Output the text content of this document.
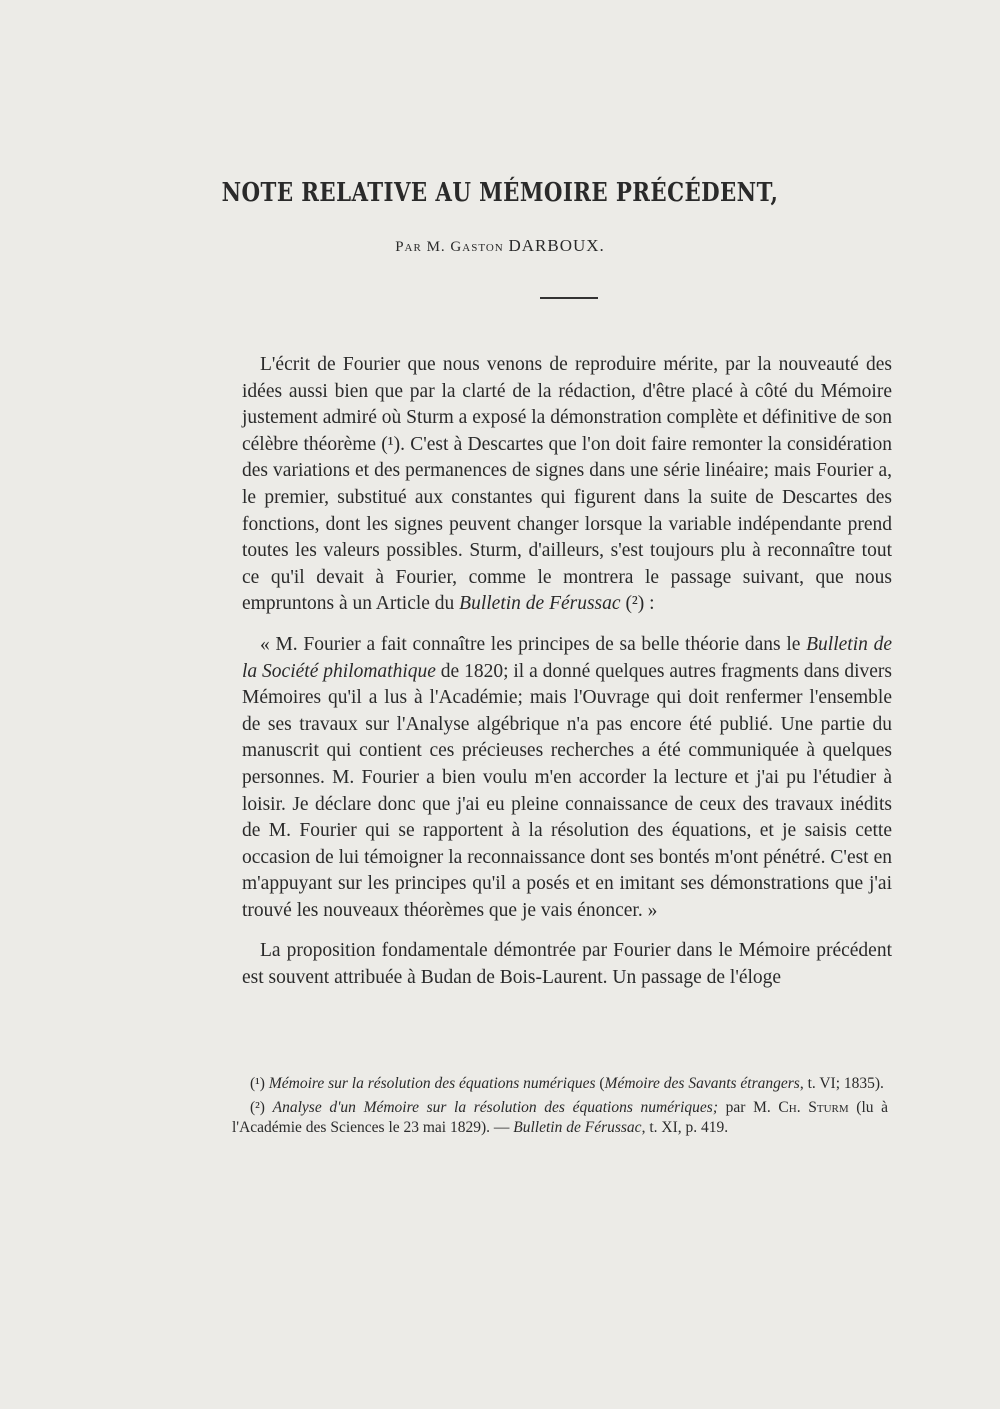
NOTE RELATIVE AU MÉMOIRE PRÉCÉDENT,
Par M. Gaston DARBOUX.

L'écrit de Fourier que nous venons de reproduire mérite, par la nouveauté des idées aussi bien que par la clarté de la rédaction, d'être placé à côté du Mémoire justement admiré où Sturm a exposé la démonstration complète et définitive de son célèbre théorème (¹). C'est à Descartes que l'on doit faire remonter la considération des variations et des permanences de signes dans une série linéaire; mais Fourier a, le premier, substitué aux constantes qui figurent dans la suite de Descartes des fonctions, dont les signes peuvent changer lorsque la variable indépendante prend toutes les valeurs possibles. Sturm, d'ailleurs, s'est toujours plu à reconnaître tout ce qu'il devait à Fourier, comme le montrera le passage suivant, que nous empruntons à un Article du Bulletin de Férussac (²) :

« M. Fourier a fait connaître les principes de sa belle théorie dans le Bulletin de la Société philomathique de 1820; il a donné quelques autres fragments dans divers Mémoires qu'il a lus à l'Académie; mais l'Ouvrage qui doit renfermer l'ensemble de ses travaux sur l'Analyse algébrique n'a pas encore été publié. Une partie du manuscrit qui contient ces précieuses recherches a été communiquée à quelques personnes. M. Fourier a bien voulu m'en accorder la lecture et j'ai pu l'étudier à loisir. Je déclare donc que j'ai eu pleine connaissance de ceux des travaux inédits de M. Fourier qui se rapportent à la résolution des équations, et je saisis cette occasion de lui témoigner la reconnaissance dont ses bontés m'ont pénétré. C'est en m'appuyant sur les principes qu'il a posés et en imitant ses démonstrations que j'ai trouvé les nouveaux théorèmes que je vais énoncer. »

La proposition fondamentale démontrée par Fourier dans le Mémoire précédent est souvent attribuée à Budan de Bois-Laurent. Un passage de l'éloge

(¹) Mémoire sur la résolution des équations numériques (Mémoire des Savants étrangers, t. VI; 1835).

(²) Analyse d'un Mémoire sur la résolution des équations numériques; par M. Ch. Sturm (lu à l'Académie des Sciences le 23 mai 1829). — Bulletin de Férussac, t. XI, p. 419.
